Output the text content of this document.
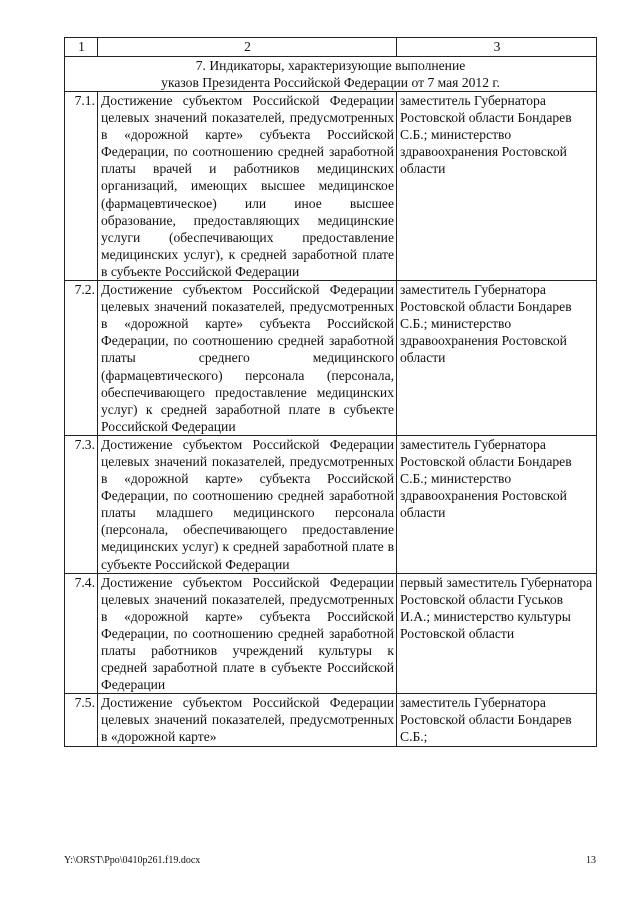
1	2	3

7. Индикаторы, характеризующие выполнение
указов Президента Российской Федерации от 7 мая 2012 г.		

7.1.	Достижение субъектом Российской Федерации целевых значений показателей, предусмотренных в «дорожной карте» субъекта Российской Федерации, по соотношению средней заработной платы врачей и работников медицинских организаций, имеющих высшее медицинское (фармацевтическое) или иное высшее образование, предоставляющих медицинские услуги (обеспечивающих предоставление медицинских услуг), к средней заработной плате в субъекте Российской Федерации	заместитель Губернатора Ростовской области Бондарев С.Б.; министерство здравоохранения Ростовской области
7.2.	Достижение субъектом Российской Федерации целевых значений показателей, предусмотренных в «дорожной карте» субъекта Российской Федерации, по соотношению средней заработной платы среднего медицинского (фармацевтического) персонала (персонала, обеспечивающего предоставление медицинских услуг) к средней заработной плате в субъекте Российской Федерации	заместитель Губернатора Ростовской области Бондарев С.Б.; министерство здравоохранения Ростовской области
7.3.	Достижение субъектом Российской Федерации целевых значений показателей, предусмотренных в «дорожной карте» субъекта Российской Федерации, по соотношению средней заработной платы младшего медицинского персонала (персонала, обеспечивающего предоставление медицинских услуг) к средней заработной плате в субъекте Российской Федерации	заместитель Губернатора Ростовской области Бондарев С.Б.; министерство здравоохранения Ростовской области
7.4.	Достижение субъектом Российской Федерации целевых значений показателей, предусмотренных в «дорожной карте» субъекта Российской Федерации, по соотношению средней заработной платы работников учреждений культуры к средней заработной плате в субъекте Российской Федерации	первый заместитель Губернатора Ростовской области Гуськов И.А.; министерство культуры Ростовской области
7.5.	Достижение субъектом Российской Федерации целевых значений показателей, предусмотренных в «дорожной карте»	заместитель Губернатора Ростовской области Бондарев С.Б.;
Y:\ORST\Ppo\0410p261.f19.docx	13
